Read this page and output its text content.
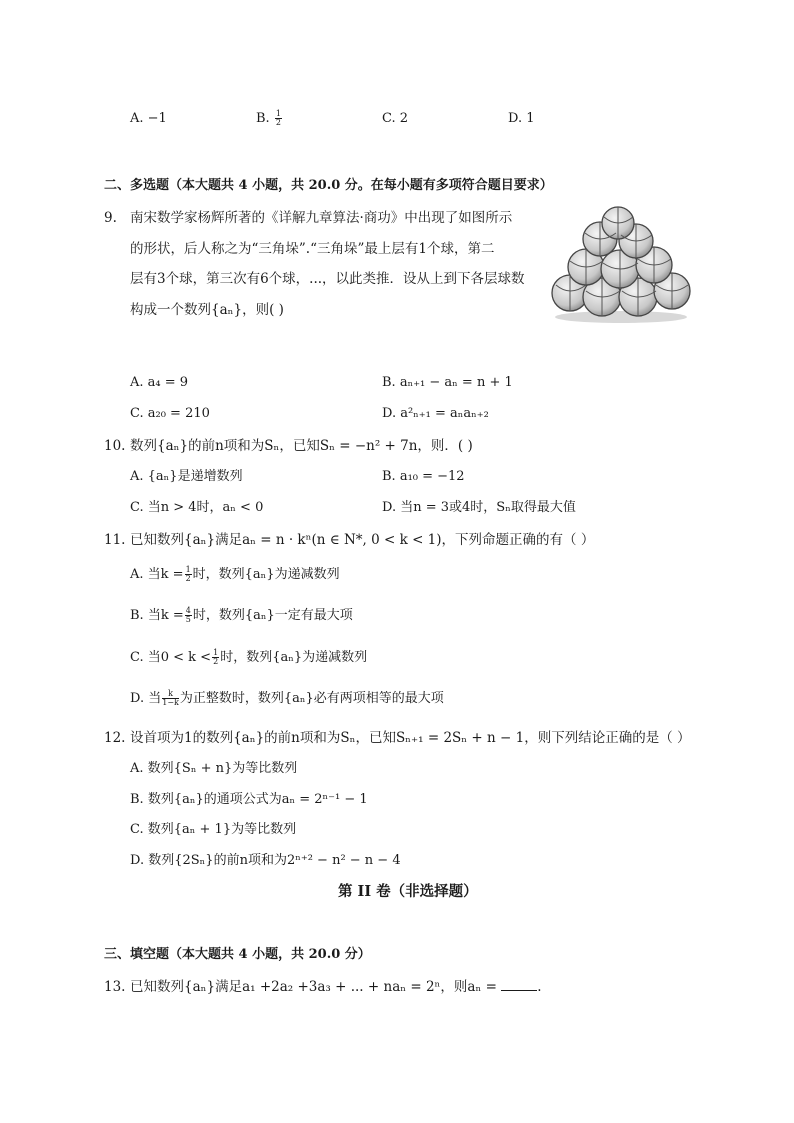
A. −1	B. $\frac{1}{2}$	C. 2	D. 1
二、多选题（本大题共 4 小题，共 20.0 分。在每小题有多项符合题目要求）
9. 南宋数学家杨辉所著的《详解九章算法·商功》中出现了如图所示
的形状，后人称之为“三角垛”.“三角垛”最上层有1个球，第二
层有3个球，第三次有6个球，...，以此类推．设从上到下各层球数
构成一个数列{aₙ}，则( )
A. a₄ = 9	B. aₙ₊₁ − aₙ = n + 1
C. a₂₀ = 210	D. a²ₙ₊₁ = aₙaₙ₊₂
10. 数列{aₙ}的前n项和为Sₙ，已知Sₙ = −n² + 7n，则．( )
A. {aₙ}是递增数列	B. a₁₀ = −12
C. 当n > 4时，aₙ < 0	D. 当n = 3或4时，Sₙ取得最大值
11. 已知数列{aₙ}满足aₙ = n · kⁿ(n ∈ N*, 0 < k < 1)，下列命题正确的有（ ）
A. 当$k = \frac{1}{2}$ 时，数列{aₙ}为递减数列
B. 当$k = \frac{4}{5}$ 时，数列{aₙ}一定有最大项
C. 当$0 < k < \frac{1}{2}$ 时，数列{aₙ}为递减数列
D. 当 $\frac{k}{1-k}$ 为正整数时，数列{aₙ}必有两项相等的最大项
12. 设首项为1的数列{aₙ}的前n项和为Sₙ，已知Sₙ₊₁ = 2Sₙ + n − 1，则下列结论正确的是（ ）
A. 数列{Sₙ + n}为等比数列
B. 数列{aₙ}的通项公式为aₙ = 2ⁿ⁻¹ − 1
C. 数列{aₙ + 1}为等比数列
D. 数列{2Sₙ}的前n项和为2ⁿ⁺² − n² − n − 4
第 II 卷（非选择题）
三、填空题（本大题共 4 小题，共 20.0 分）
13. 已知数列{aₙ}满足a₁ +2a₂ +3a₃ + ... + naₙ = 2ⁿ，则aₙ =	.
